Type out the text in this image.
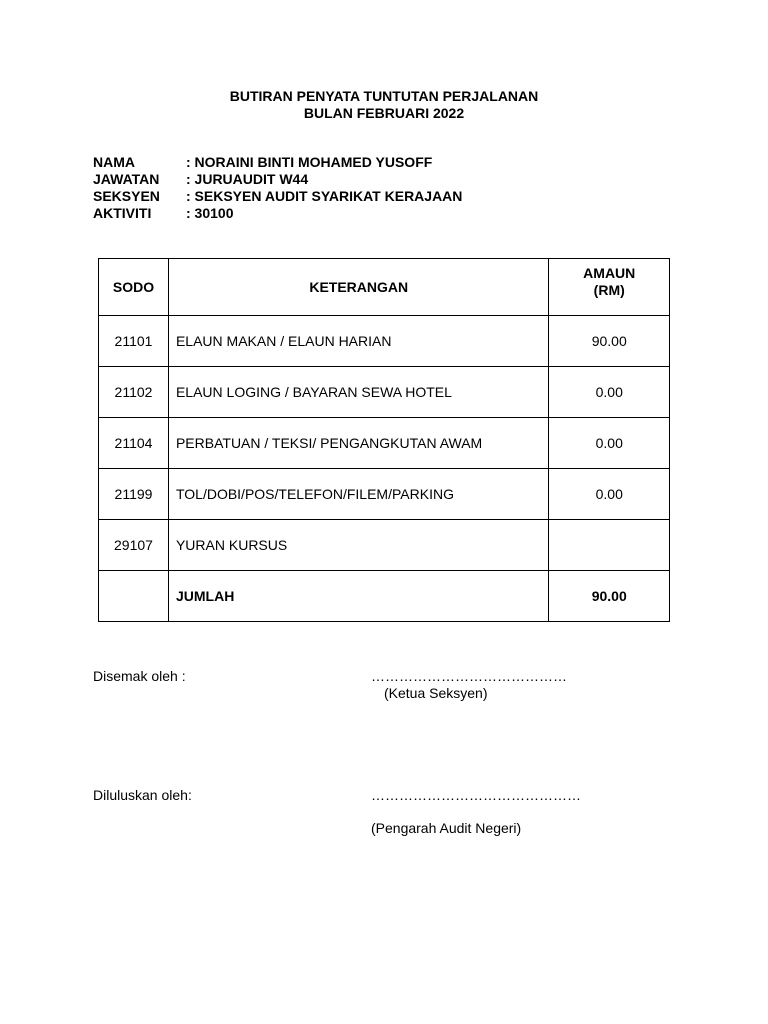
BUTIRAN PENYATA TUNTUTAN PERJALANAN
BULAN FEBRUARI 2022
NAMA	: NORAINI BINTI MOHAMED YUSOFF
JAWATAN	: JURUAUDIT W44
SEKSYEN	: SEKSYEN AUDIT SYARIKAT KERAJAAN
AKTIVITI	: 30100
SODO	KETERANGAN	AMAUN
(RM)

21101	ELAUN MAKAN / ELAUN HARIAN	90.00
21102	ELAUN LOGING / BAYARAN SEWA HOTEL	0.00
21104	PERBATUAN / TEKSI/ PENGANGKUTAN AWAM	0.00
21199	TOL/DOBI/POS/TELEFON/FILEM/PARKING	0.00
29107	YURAN KURSUS	
	JUMLAH	90.00
Disemak oleh :	……………………………………
(Ketua Seksyen)
Diluluskan oleh:	………………………………………
(Pengarah Audit Negeri)
